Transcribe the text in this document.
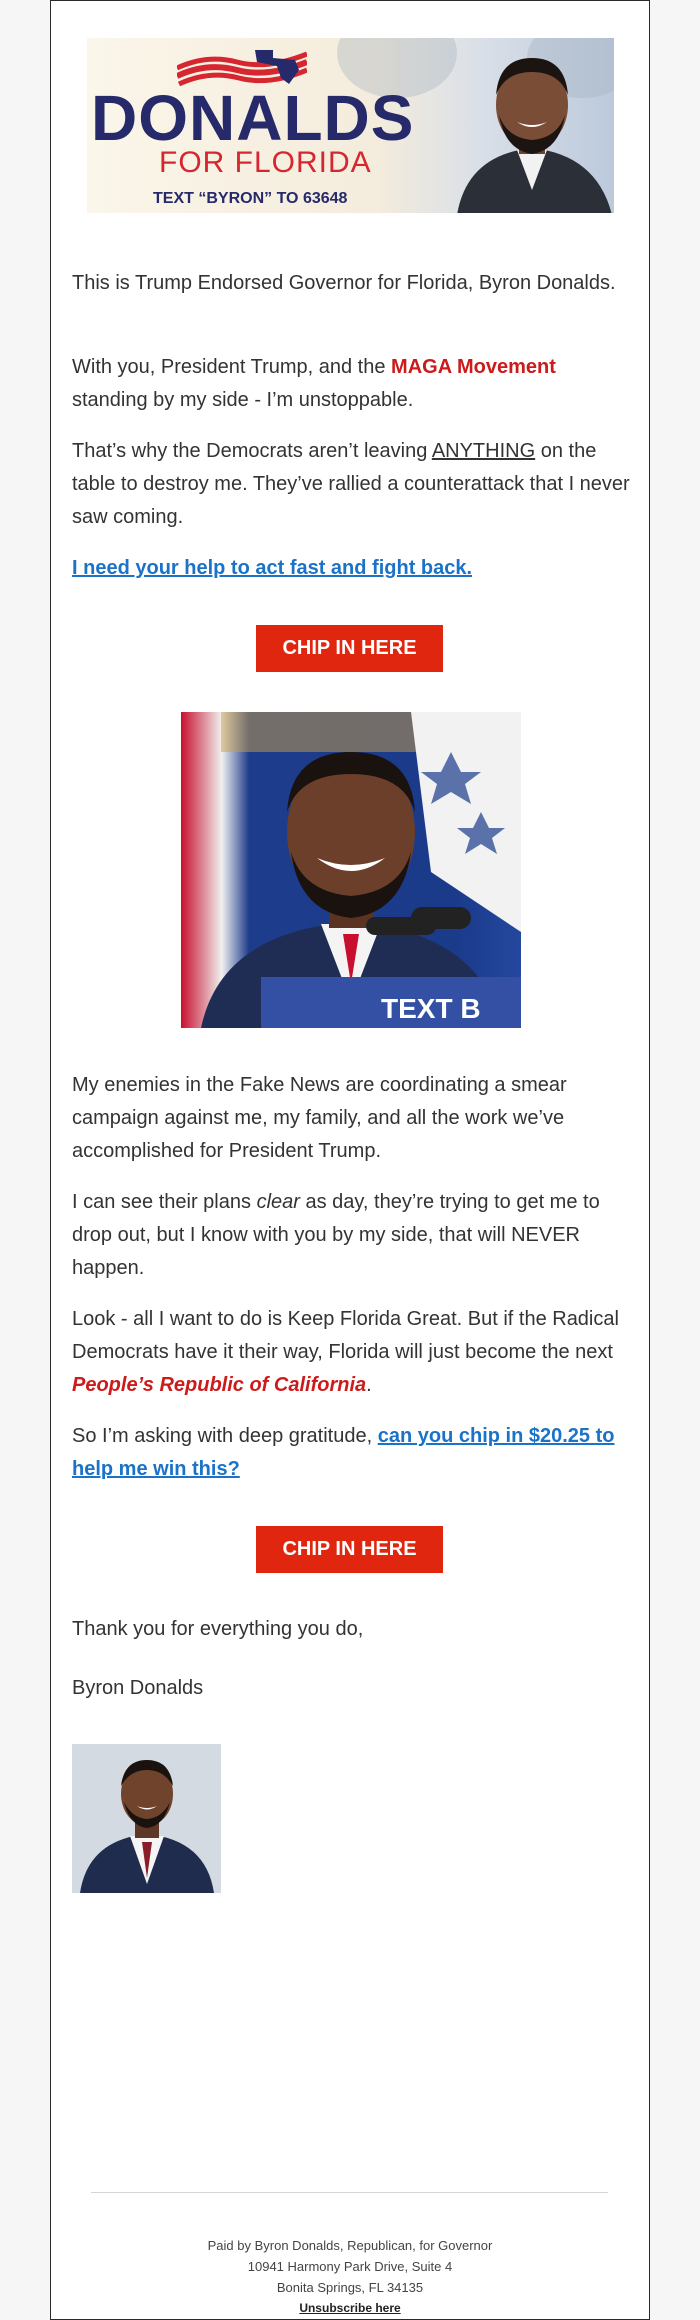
DONALDS
FOR FLORIDA
TEXT “BYRON” TO 63648

This is Trump Endorsed Governor for Florida, Byron Donalds.

With you, President Trump, and the MAGA Movement standing by my side - I’m unstoppable.

That’s why the Democrats aren’t leaving ANYTHING on the table to destroy me. They’ve rallied a counterattack that I never saw coming.

I need your help to act fast and fight back.

CHIP IN HERE
TEXT B

My enemies in the Fake News are coordinating a smear campaign against me, my family, and all the work we’ve accomplished for President Trump.

I can see their plans clear as day, they’re trying to get me to drop out, but I know with you by my side, that will NEVER happen.

Look - all I want to do is Keep Florida Great. But if the Radical Democrats have it their way, Florida will just become the next People’s Republic of California.

So I’m asking with deep gratitude, can you chip in $20.25 to help me win this?

CHIP IN HERE

Thank you for everything you do,

Byron Donalds

Paid by Byron Donalds, Republican, for Governor
10941 Harmony Park Drive, Suite 4
Bonita Springs, FL 34135
Unsubscribe here
